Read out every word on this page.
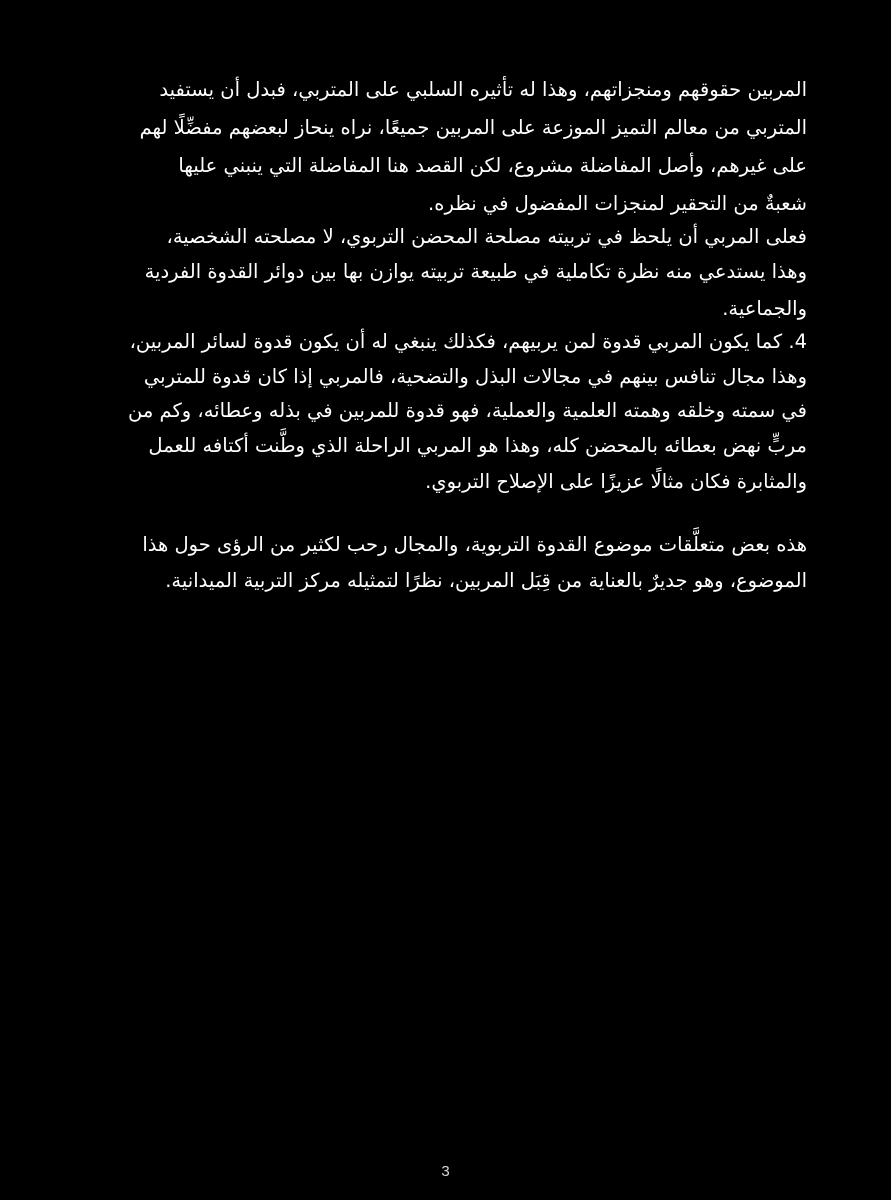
المربين حقوقهم ومنجزاتهم، وهذا له تأثيره السلبي على المتربي، فبدل أن يستفيد
المتربي من معالم التميز الموزعة على المربين جميعًا، نراه ينحاز لبعضهم مفضِّلًا لهم
على غيرهم، وأصل المفاضلة مشروع، لكن القصد هنا المفاضلة التي ينبني عليها
شعبةٌ من التحقير لمنجزات المفضول في نظره.
فعلى المربي أن يلحظ في تربيته مصلحة المحضن التربوي، لا مصلحته الشخصية،
وهذا يستدعي منه نظرة تكاملية في طبيعة تربيته يوازن بها بين دوائر القدوة الفردية
والجماعية.
4. كما يكون المربي قدوة لمن يربيهم، فكذلك ينبغي له أن يكون قدوة لسائر المربين،
وهذا مجال تنافس بينهم في مجالات البذل والتضحية، فالمربي إذا كان قدوة للمتربي
في سمته وخلقه وهمته العلمية والعملية، فهو قدوة للمربين في بذله وعطائه، وكم من
مربٍّ نهض بعطائه بالمحضن كله، وهذا هو المربي الراحلة الذي وطَّنت أكتافه للعمل
والمثابرة فكان مثالًا عزيزًا على الإصلاح التربوي.
هذه بعض متعلَّقات موضوع القدوة التربوية، والمجال رحب لكثير من الرؤى حول هذا
الموضوع، وهو جديرٌ بالعناية من قِبَل المربين، نظرًا لتمثيله مركز التربية الميدانية.
3
